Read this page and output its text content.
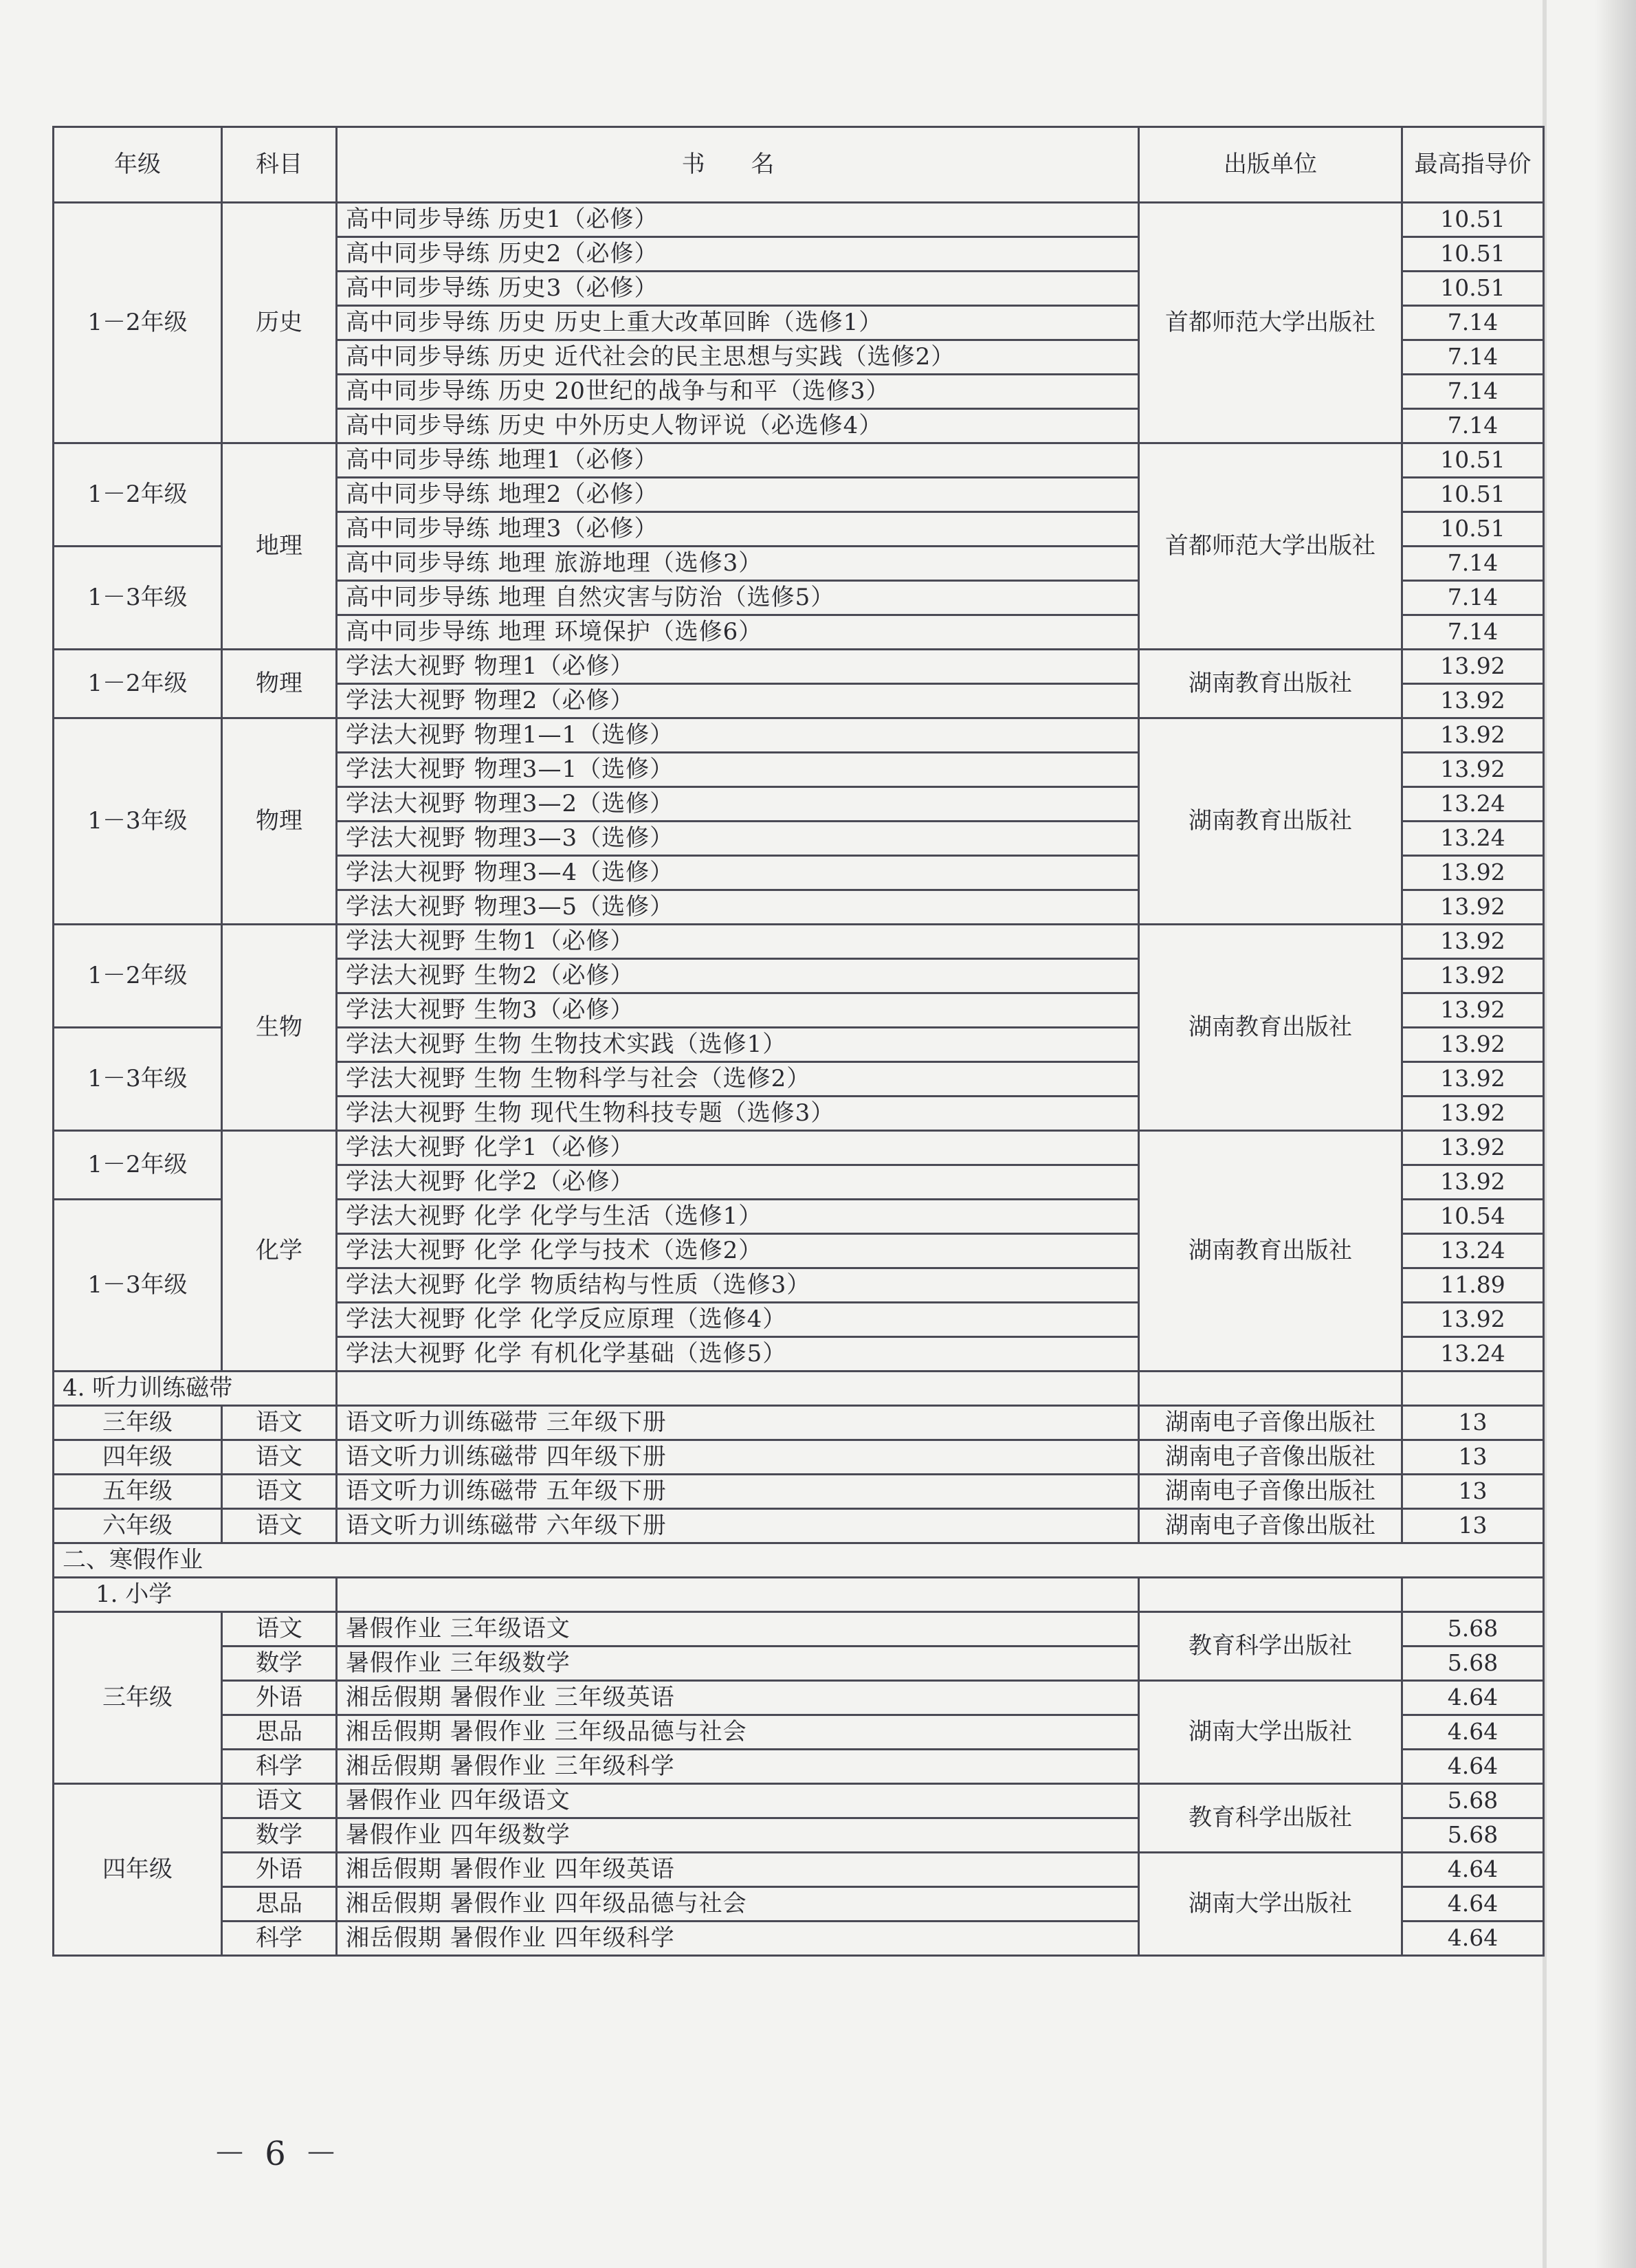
年级	科目	书 名	出版单位	最高指导价
1－2年级	历史	高中同步导练 历史1（必修）	首都师范大学出版社	10.51
		高中同步导练 历史2（必修）		10.51
		高中同步导练 历史3（必修）		10.51
		高中同步导练 历史 历史上重大改革回眸（选修1）		7.14
		高中同步导练 历史 近代社会的民主思想与实践（选修2）		7.14
		高中同步导练 历史 20世纪的战争与和平（选修3）		7.14
		高中同步导练 历史 中外历史人物评说（必选修4）		7.14
1－2年级	地理	高中同步导练 地理1（必修）	首都师范大学出版社	10.51
		高中同步导练 地理2（必修）		10.51
		高中同步导练 地理3（必修）		10.51
1－3年级		高中同步导练 地理 旅游地理（选修3）		7.14
		高中同步导练 地理 自然灾害与防治（选修5）		7.14
		高中同步导练 地理 环境保护（选修6）		7.14
1－2年级	物理	学法大视野 物理1（必修）	湖南教育出版社	13.92
		学法大视野 物理2（必修）		13.92
1－3年级	物理	学法大视野 物理1—1（选修）	湖南教育出版社	13.92
		学法大视野 物理3—1（选修）		13.92
		学法大视野 物理3—2（选修）		13.24
		学法大视野 物理3—3（选修）		13.24
		学法大视野 物理3—4（选修）		13.92
		学法大视野 物理3—5（选修）		13.92
1－2年级	生物	学法大视野 生物1（必修）	湖南教育出版社	13.92
		学法大视野 生物2（必修）		13.92
		学法大视野 生物3（必修）		13.92
1－3年级		学法大视野 生物 生物技术实践（选修1）		13.92
		学法大视野 生物 生物科学与社会（选修2）		13.92
		学法大视野 生物 现代生物科技专题（选修3）		13.92
1－2年级	化学	学法大视野 化学1（必修）	湖南教育出版社	13.92
		学法大视野 化学2（必修）		13.92
1－3年级		学法大视野 化学 化学与生活（选修1）		10.54
		学法大视野 化学 化学与技术（选修2）		13.24
		学法大视野 化学 物质结构与性质（选修3）		11.89
		学法大视野 化学 化学反应原理（选修4）		13.92
		学法大视野 化学 有机化学基础（选修5）		13.24
4. 听力训练磁带				
三年级	语文	语文听力训练磁带 三年级下册	湖南电子音像出版社	13
四年级	语文	语文听力训练磁带 四年级下册	湖南电子音像出版社	13
五年级	语文	语文听力训练磁带 五年级下册	湖南电子音像出版社	13
六年级	语文	语文听力训练磁带 六年级下册	湖南电子音像出版社	13
二、寒假作业				
1. 小学				
三年级	语文	暑假作业 三年级语文	教育科学出版社	5.68
	数学	暑假作业 三年级数学		5.68
	外语	湘岳假期 暑假作业 三年级英语	湖南大学出版社	4.64
	思品	湘岳假期 暑假作业 三年级品德与社会		4.64
	科学	湘岳假期 暑假作业 三年级科学		4.64
四年级	语文	暑假作业 四年级语文	教育科学出版社	5.68
	数学	暑假作业 四年级数学		5.68
	外语	湘岳假期 暑假作业 四年级英语	湖南大学出版社	4.64
	思品	湘岳假期 暑假作业 四年级品德与社会		4.64
	科学	湘岳假期 暑假作业 四年级科学		4.64
－ 6 －
